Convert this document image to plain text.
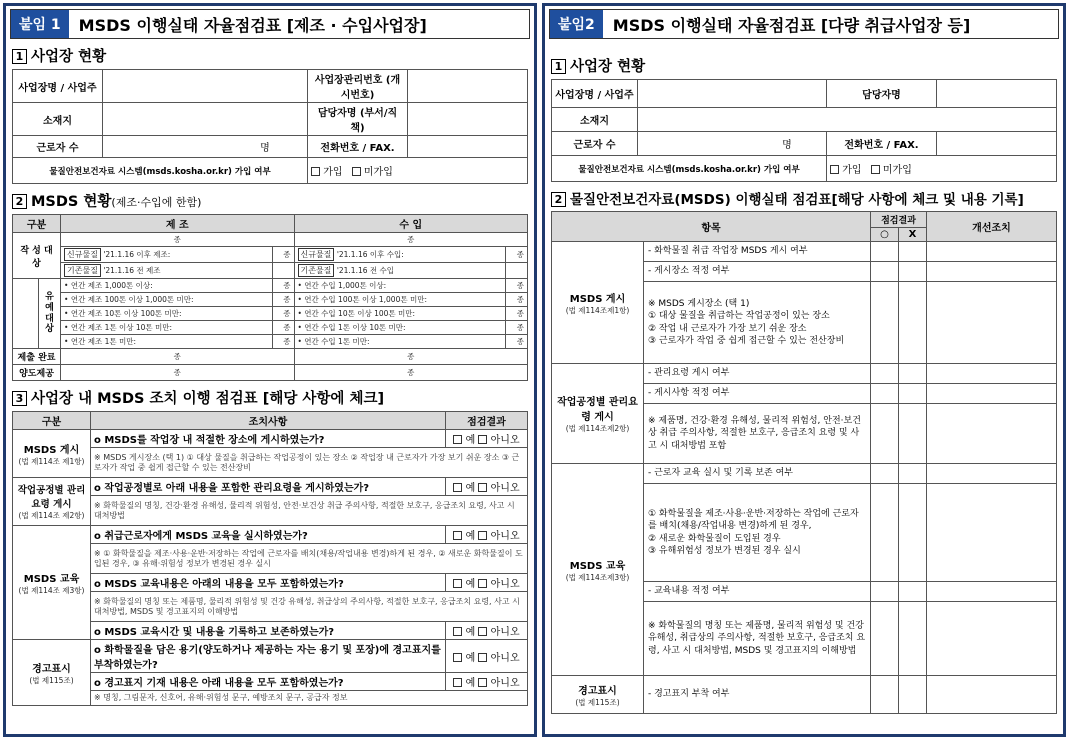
붙임 1	MSDS 이행실태 자율점검표 [제조 · 수입사업장]
1 사업장 현황
사업장명 / 사업주		사업장관리번호 (개시번호)	
소재지		담당자명 (부서/직책)	
근로자 수	명	전화번호 / FAX.	
물질안전보건자료 시스템(msds.kosha.or.kr) 가입 여부		가입 미가입	
2 MSDS 현황(제조·수입에 한함)
구분		제 조		수 입	
작 성 대 상		종		종	
		신규물질 '21.1.16 이후 제조:	종	신규물질 '21.1.16 이후 수입:	종
		기존물질 '21.1.16 전 제조		기존물질 '21.1.16 전 수입	
	유 예 대 상	• 연간 제조 1,000톤 이상:	종	• 연간 수입 1,000톤 이상:	종
		• 연간 제조 100톤 이상 1,000톤 미만:	종	• 연간 수입 100톤 이상 1,000톤 미만:	종
		• 연간 제조 10톤 이상 100톤 미만:	종	• 연간 수입 10톤 이상 100톤 미만:	종
		• 연간 제조 1톤 이상 10톤 미만:	종	• 연간 수입 1톤 이상 10톤 미만:	종
		• 연간 제조 1톤 미만:	종	• 연간 수입 1톤 미만:	종
제출 완료		종		종	
양도제공		종		종	
3 사업장 내 MSDS 조치 이행 점검표 [해당 사항에 체크]
구분	조치사항	점검결과

MSDS 게시
(법 제114조 제1항)	o MSDS를 작업장 내 적절한 장소에 게시하였는가?	예 아니오
	※ MSDS 게시장소 (택 1) ① 대상 물질을 취급하는 작업공정이 있는 장소 ② 작업장 내 근로자가 가장 보기 쉬운 장소 ③ 근로자가 작업 중 쉽게 접근할 수 있는 전산장비	

작업공정별 관리요령 게시
(법 제114조 제2항)	o 작업공정별로 아래 내용을 포함한 관리요령을 게시하였는가?	예 아니오
	※ 화학물질의 명칭, 건강·환경 유해성, 물리적 위험성, 안전·보건상 취급 주의사항, 적절한 보호구, 응급조치 요령, 사고 시 대처방법	

MSDS 교육
(법 제114조 제3항)	o 취급근로자에게 MSDS 교육을 실시하였는가?	예 아니오
	※ ① 화학물질을 제조·사용·운반·저장하는 작업에 근로자를 배치(채용/작업내용 변경)하게 된 경우, ② 새로운 화학물질이 도입된 경우, ③ 유해·위험성 정보가 변경된 경우 실시	
	o MSDS 교육내용은 아래의 내용을 모두 포함하였는가?	예 아니오
	※ 화학물질의 명칭 또는 제품명, 물리적 위험성 및 건강 유해성, 취급상의 주의사항, 적절한 보호구, 응급조치 요령, 사고 시 대처방법, MSDS 및 경고표지의 이해방법	
	o MSDS 교육시간 및 내용을 기록하고 보존하였는가?	예 아니오

경고표시
(법 제115조)	o 화학물질을 담은 용기(양도하거나 제공하는 자는 용기 및 포장)에 경고표지를 부착하였는가?	예 아니오
	o 경고표지 기재 내용은 아래 내용을 모두 포함하였는가?	예 아니오
	※ 명칭, 그림문자, 신호어, 유해·위험성 문구, 예방조치 문구, 공급자 정보	
붙임2	MSDS 이행실태 자율점검표 [다량 취급사업장 등]
1 사업장 현황
사업장명 / 사업주		담당자명	
소재지			
근로자 수	명	전화번호 / FAX.	
물질안전보건자료 시스템(msds.kosha.or.kr) 가입 여부		가입 미가입	
2 물질안전보건자료(MSDS) 이행실태 점검표[해당 사항에 체크 및 내용 기록]
항목		점검결과		개선조치
		○	X	

MSDS 게시
(법 제114조제1항)	- 화학물질 취급 작업장 MSDS 게시 여부			
	- 게시장소 적정 여부			

	※ MSDS 게시장소 (택 1)
① 대상 물질을 취급하는 작업공정이 있는 장소
② 작업 내 근로자가 가장 보기 쉬운 장소
③ 근로자가 작업 중 쉽게 접근할 수 있는 전산장비			

작업공정별 관리요령 게시
(법 제114조제2항)	- 관리요령 게시 여부			
	- 게시사항 적정 여부			
	※ 제품명, 건강·환경 유해성, 물리적 위험성, 안전·보건상 취급 주의사항, 적절한 보호구, 응급조치 요령 및 사고 시 대처방법 포함			

MSDS 교육
(법 제114조제3항)	- 근로자 교육 실시 및 기록 보존 여부			

	① 화학물질을 제조·사용·운반·저장하는 작업에 근로자를 배치(채용/작업내용 변경)하게 된 경우,
② 새로운 화학물질이 도입된 경우
③ 유해위험성 정보가 변경된 경우 실시			

	- 교육내용 적정 여부			
	※ 화학물질의 명칭 또는 제품명, 물리적 위험성 및 건강 유해성, 취급상의 주의사항, 적절한 보호구, 응급조치 요령, 사고 시 대처방법, MSDS 및 경고표지의 이해방법			

경고표시
(법 제115조)	- 경고표지 부착 여부			
